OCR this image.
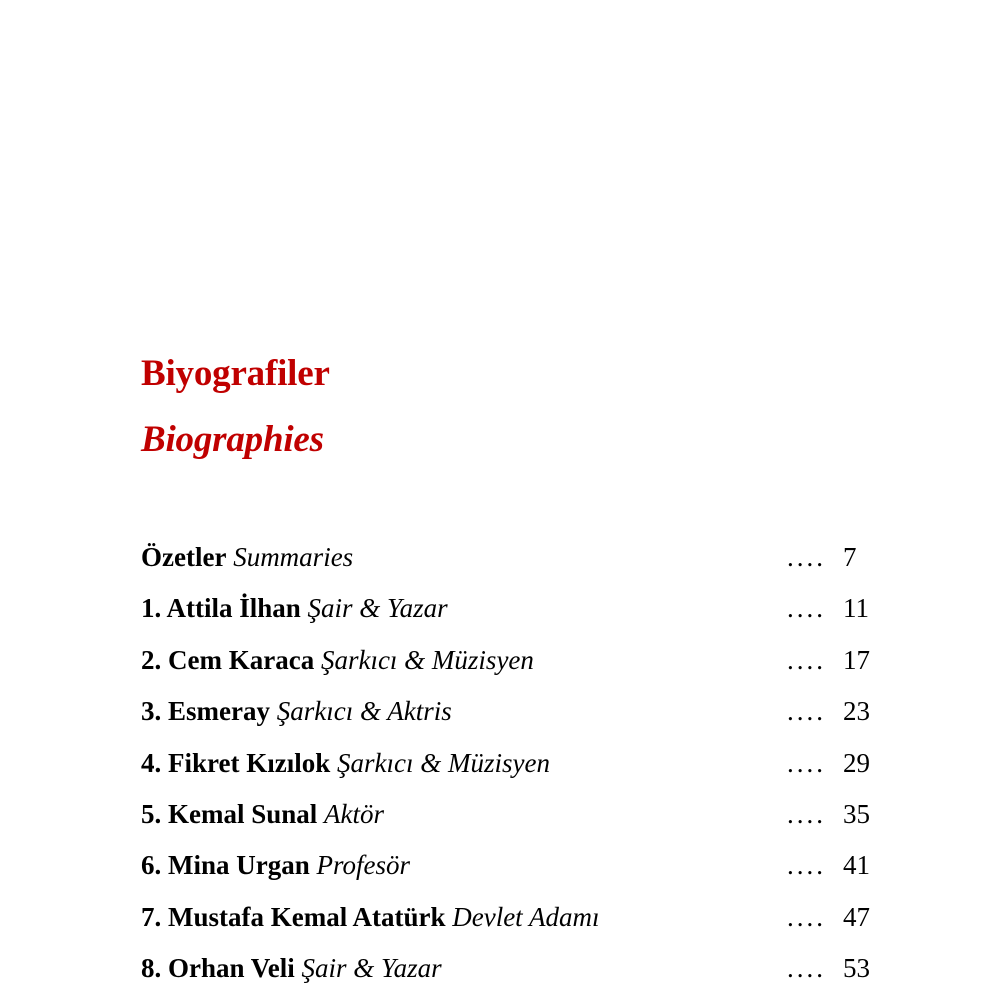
Biyografiler
Biographies
Özetler Summaries	.... 7
1. Attila İlhan Şair & Yazar	.... 11
2. Cem Karaca Şarkıcı & Müzisyen	.... 17
3. Esmeray Şarkıcı & Aktris	.... 23
4. Fikret Kızılok Şarkıcı & Müzisyen	.... 29
5. Kemal Sunal Aktör	.... 35
6. Mina Urgan Profesör	.... 41
7. Mustafa Kemal Atatürk Devlet Adamı	.... 47
8. Orhan Veli Şair & Yazar	.... 53
